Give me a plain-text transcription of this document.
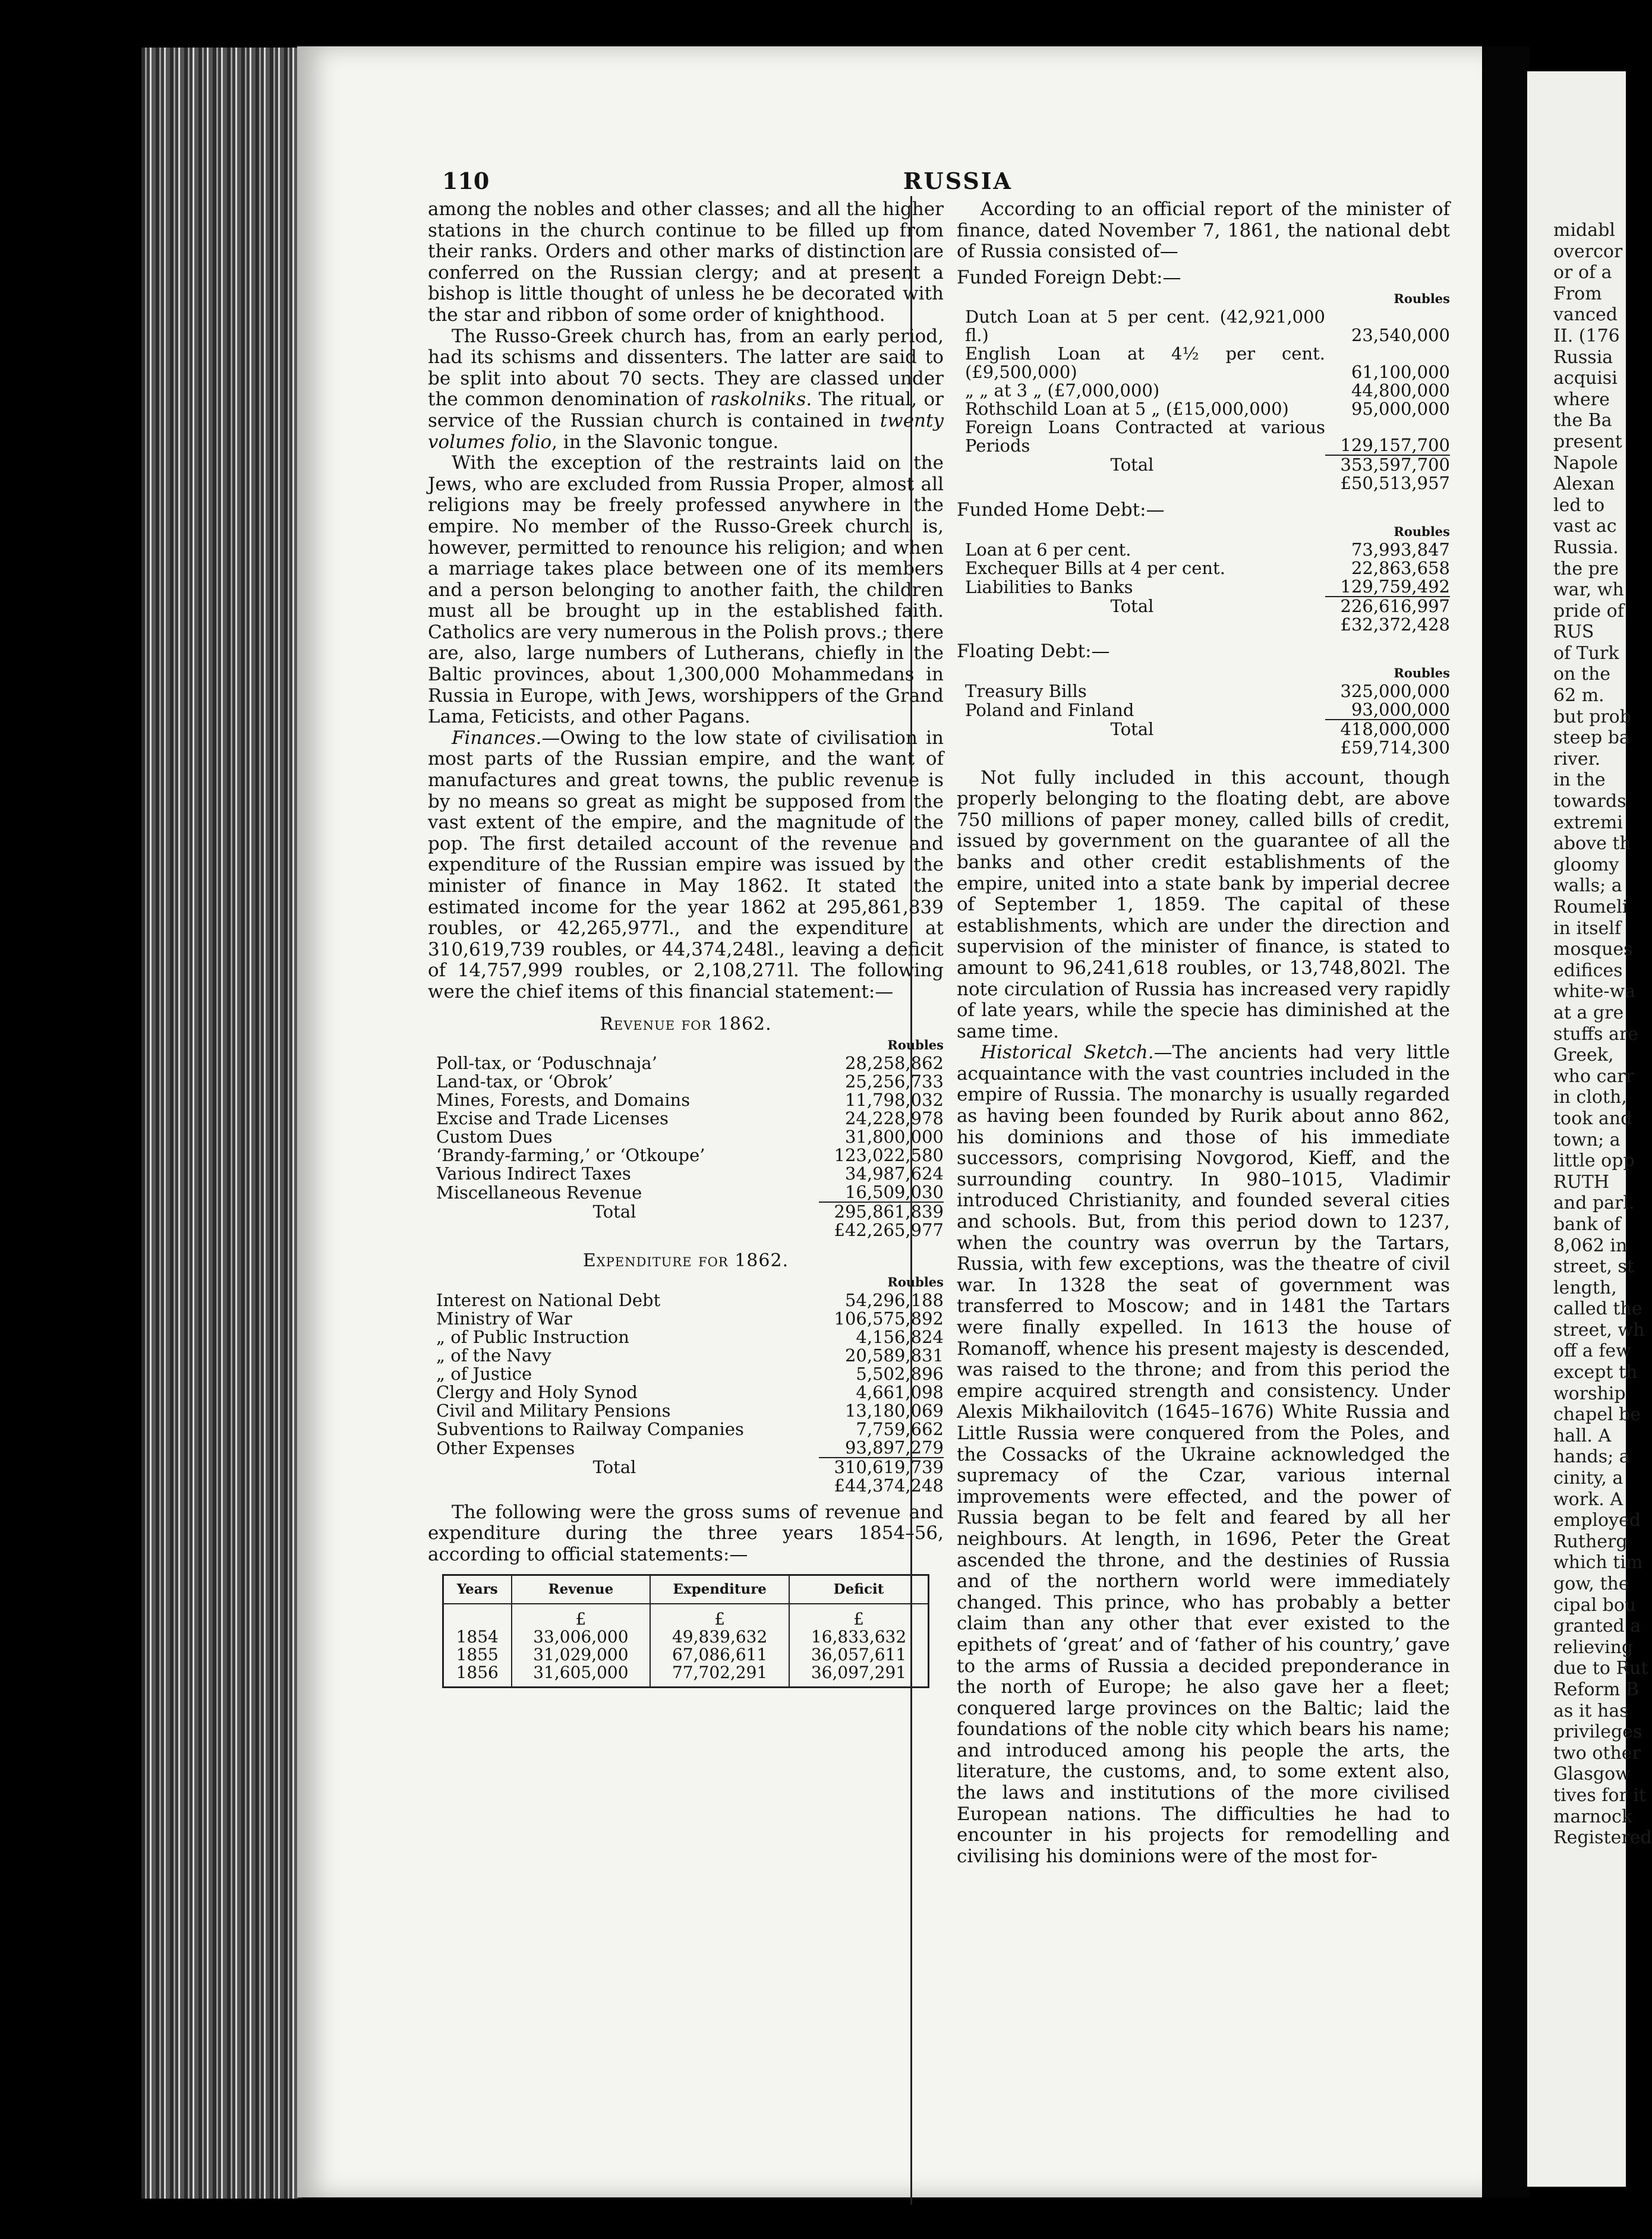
midabl
overcor
or of a
From
vanced
II. (176
Russia
acquisi
where
the Ba
present
Napole
Alexan
led to
vast ac
Russia.
the pre
war, wh
pride of
RUS
of Turk
on the
62 m.
but prob
steep ba
river.
in the
towards
extremi
above th
gloomy
walls; a
Roumeli
in itself
mosques
edifices
white-wa
at a gre
stuffs are
Greek,
who carr
in cloth,
took and
town; a
little opp
RUTH
and parl.
bank of
8,062 in
street, st
length,
called the
street, wh
off a few
except th
worship
chapel be
hall. A
hands; a
cinity, a
work. A
employed
Rutherg
which tim
gow, the
cipal bou
granted a
relieving
due to Rut
Reform B
as it has
privileges
two other
Glasgow
tives for it
marnock
Registered
110	RUSSIA

among the nobles and other classes; and all the higher stations in the church continue to be filled up from their ranks. Orders and other marks of distinction are conferred on the Russian clergy; and at present a bishop is little thought of unless he be decorated with the star and ribbon of some order of knighthood.

The Russo-Greek church has, from an early period, had its schisms and dissenters. The latter are said to be split into about 70 sects. They are classed under the common denomination of raskolniks. The ritual, or service of the Russian church is contained in twenty volumes folio, in the Slavonic tongue.

With the exception of the restraints laid on the Jews, who are excluded from Russia Proper, almost all religions may be freely professed anywhere in the empire. No member of the Russo-Greek church is, however, permitted to renounce his religion; and when a marriage takes place between one of its members and a person belonging to another faith, the children must all be brought up in the established faith. Catholics are very numerous in the Polish provs.; there are, also, large numbers of Lutherans, chiefly in the Baltic provinces, about 1,300,000 Mohammedans in Russia in Europe, with Jews, worshippers of the Grand Lama, Feticists, and other Pagans.

Finances.—Owing to the low state of civilisation in most parts of the Russian empire, and the want of manufactures and great towns, the public revenue is by no means so great as might be supposed from the vast extent of the empire, and the magnitude of the pop. The first detailed account of the revenue and expenditure of the Russian empire was issued by the minister of finance in May 1862. It stated the estimated income for the year 1862 at 295,861,839 roubles, or 42,265,977l., and the expenditure at 310,619,739 roubles, or 44,374,248l., leaving a deficit of 14,757,999 roubles, or 2,108,271l. The following were the chief items of this financial statement:—

Revenue for 1862.
Roubles	
Poll-tax, or ‘Poduschnaja’	28,258,862
Land-tax, or ‘Obrok’	25,256,733
Mines, Forests, and Domains	11,798,032
Excise and Trade Licenses	24,228,978
Custom Dues	31,800,000
‘Brandy-farming,’ or ‘Otkoupe’	123,022,580
Various Indirect Taxes	34,987,624
Miscellaneous Revenue	16,509,030
Total	295,861,839
	£42,265,977
Expenditure for 1862.
Roubles	
Interest on National Debt	54,296,188
Ministry of War	106,575,892
„ of Public Instruction	4,156,824
„ of the Navy	20,589,831
„ of Justice	5,502,896
Clergy and Holy Synod	4,661,098
Civil and Military Pensions	13,180,069
Subventions to Railway Companies	7,759,662
Other Expenses	93,897,279
Total	310,619,739
	£44,374,248

The following were the gross sums of revenue and expenditure during the three years 1854–56, according to official statements:—

Years	Revenue	Expenditure	Deficit
	£	£	£
1854	33,006,000	49,839,632	16,833,632
1855	31,029,000	67,086,611	36,057,611
1856	31,605,000	77,702,291	36,097,291

According to an official report of the minister of finance, dated November 7, 1861, the national debt of Russia consisted of—

Funded Foreign Debt:—
Roubles	
Dutch Loan at 5 per cent. (42,921,000 fl.)	23,540,000
English Loan at 4½ per cent. (£9,500,000)	61,100,000
„ „ at 3 „ (£7,000,000)	44,800,000
Rothschild Loan at 5 „ (£15,000,000)	95,000,000
Foreign Loans Contracted at various Periods	129,157,700
Total	353,597,700
	£50,513,957
Funded Home Debt:—
Roubles	
Loan at 6 per cent.	73,993,847
Exchequer Bills at 4 per cent.	22,863,658
Liabilities to Banks	129,759,492
Total	226,616,997
	£32,372,428
Floating Debt:—
Roubles	
Treasury Bills	325,000,000
Poland and Finland	93,000,000
Total	418,000,000
	£59,714,300

Not fully included in this account, though properly belonging to the floating debt, are above 750 millions of paper money, called bills of credit, issued by government on the guarantee of all the banks and other credit establishments of the empire, united into a state bank by imperial decree of September 1, 1859. The capital of these establishments, which are under the direction and supervision of the minister of finance, is stated to amount to 96,241,618 roubles, or 13,748,802l. The note circulation of Russia has increased very rapidly of late years, while the specie has diminished at the same time.

Historical Sketch.—The ancients had very little acquaintance with the vast countries included in the empire of Russia. The monarchy is usually regarded as having been founded by Rurik about anno 862, his dominions and those of his immediate successors, comprising Novgorod, Kieff, and the surrounding country. In 980–1015, Vladimir introduced Christianity, and founded several cities and schools. But, from this period down to 1237, when the country was overrun by the Tartars, Russia, with few exceptions, was the theatre of civil war. In 1328 the seat of government was transferred to Moscow; and in 1481 the Tartars were finally expelled. In 1613 the house of Romanoff, whence his present majesty is descended, was raised to the throne; and from this period the empire acquired strength and consistency. Under Alexis Mikhailovitch (1645–1676) White Russia and Little Russia were conquered from the Poles, and the Cossacks of the Ukraine acknowledged the supremacy of the Czar, various internal improvements were effected, and the power of Russia began to be felt and feared by all her neighbours. At length, in 1696, Peter the Great ascended the throne, and the destinies of Russia and of the northern world were immediately changed. This prince, who has probably a better claim than any other that ever existed to the epithets of ‘great’ and of ‘father of his country,’ gave to the arms of Russia a decided preponderance in the north of Europe; he also gave her a fleet; conquered large provinces on the Baltic; laid the foundations of the noble city which bears his name; and introduced among his people the arts, the literature, the customs, and, to some extent also, the laws and institutions of the more civilised European nations. The difficulties he had to encounter in his projects for remodelling and civilising his dominions were of the most for-
